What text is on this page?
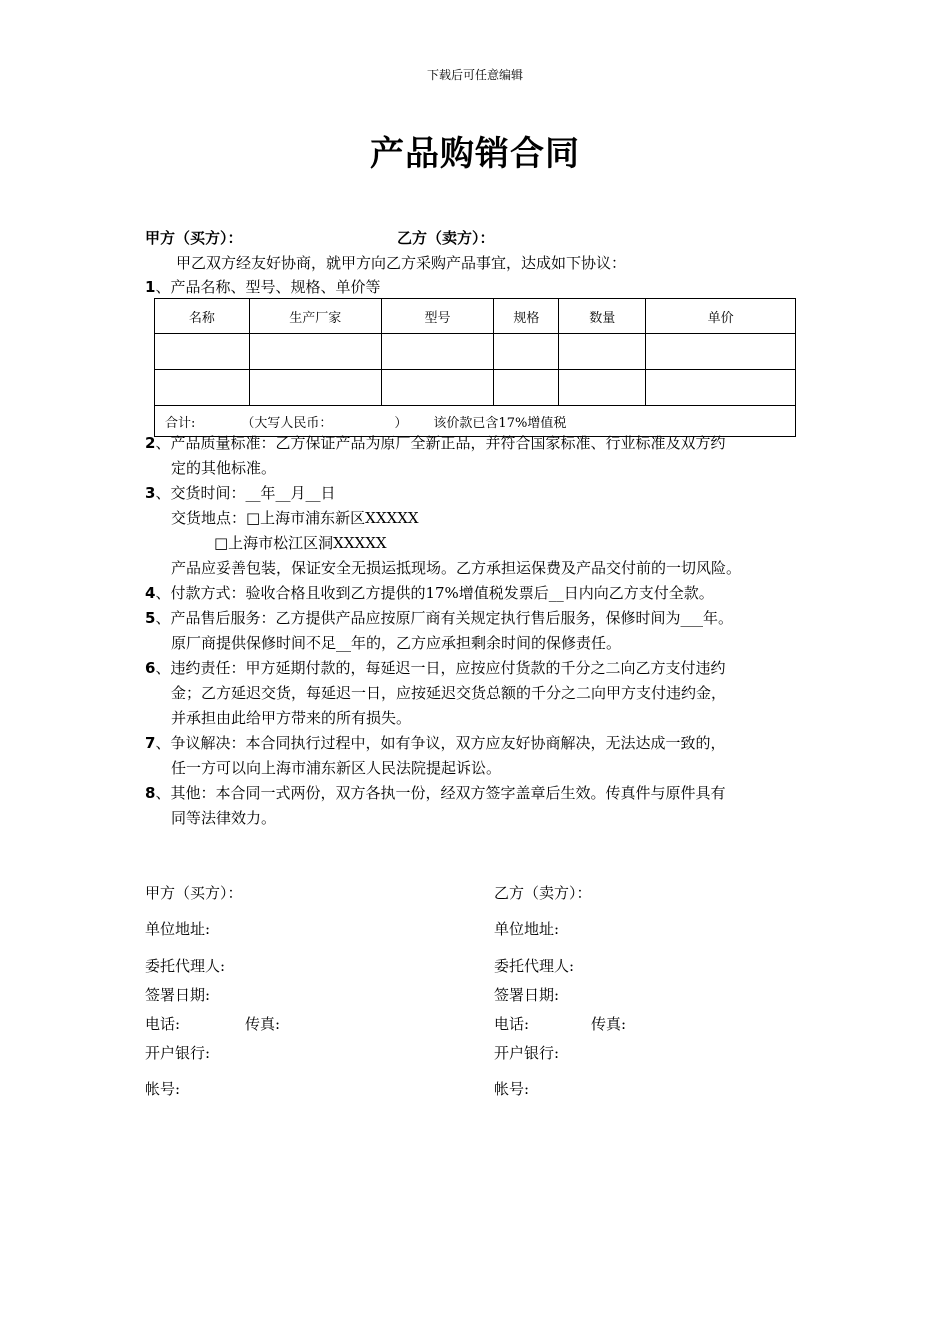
下载后可任意编辑
产品购销合同
甲方（买方）：	乙方（卖方）：
甲乙双方经友好协商，就甲方向乙方采购产品事宜，达成如下协议：
1、产品名称、型号、规格、单价等
名称	生产厂家	型号	规格	数量	单价

合计: （大写人民币： ） 该价款已含17%增值税					
2、产品质量标准：乙方保证产品为原厂全新正品，并符合国家标准、行业标准及双方约
定的其他标准。
3、交货时间：__年__月__日
交货地点：□上海市浦东新区XXXXX
□上海市松江区洞XXXXX
产品应妥善包装，保证安全无损运抵现场。乙方承担运保费及产品交付前的一切风险。
4、付款方式：验收合格且收到乙方提供的17%增值税发票后__日内向乙方支付全款。
5、产品售后服务：乙方提供产品应按原厂商有关规定执行售后服务，保修时间为___年。
原厂商提供保修时间不足__年的，乙方应承担剩余时间的保修责任。
6、违约责任：甲方延期付款的，每延迟一日，应按应付货款的千分之二向乙方支付违约
金；乙方延迟交货，每延迟一日，应按延迟交货总额的千分之二向甲方支付违约金，
并承担由此给甲方带来的所有损失。
7、争议解决：本合同执行过程中，如有争议，双方应友好协商解决，无法达成一致的，
任一方可以向上海市浦东新区人民法院提起诉讼。
8、其他：本合同一式两份，双方各执一份，经双方签字盖章后生效。传真件与原件具有
同等法律效力。
甲方（买方）：
单位地址:
委托代理人:
签署日期:
电话:	传真:
开户银行:
帐号:
乙方（卖方）：
单位地址:
委托代理人:
签署日期:
电话:	传真:
开户银行:
帐号:
